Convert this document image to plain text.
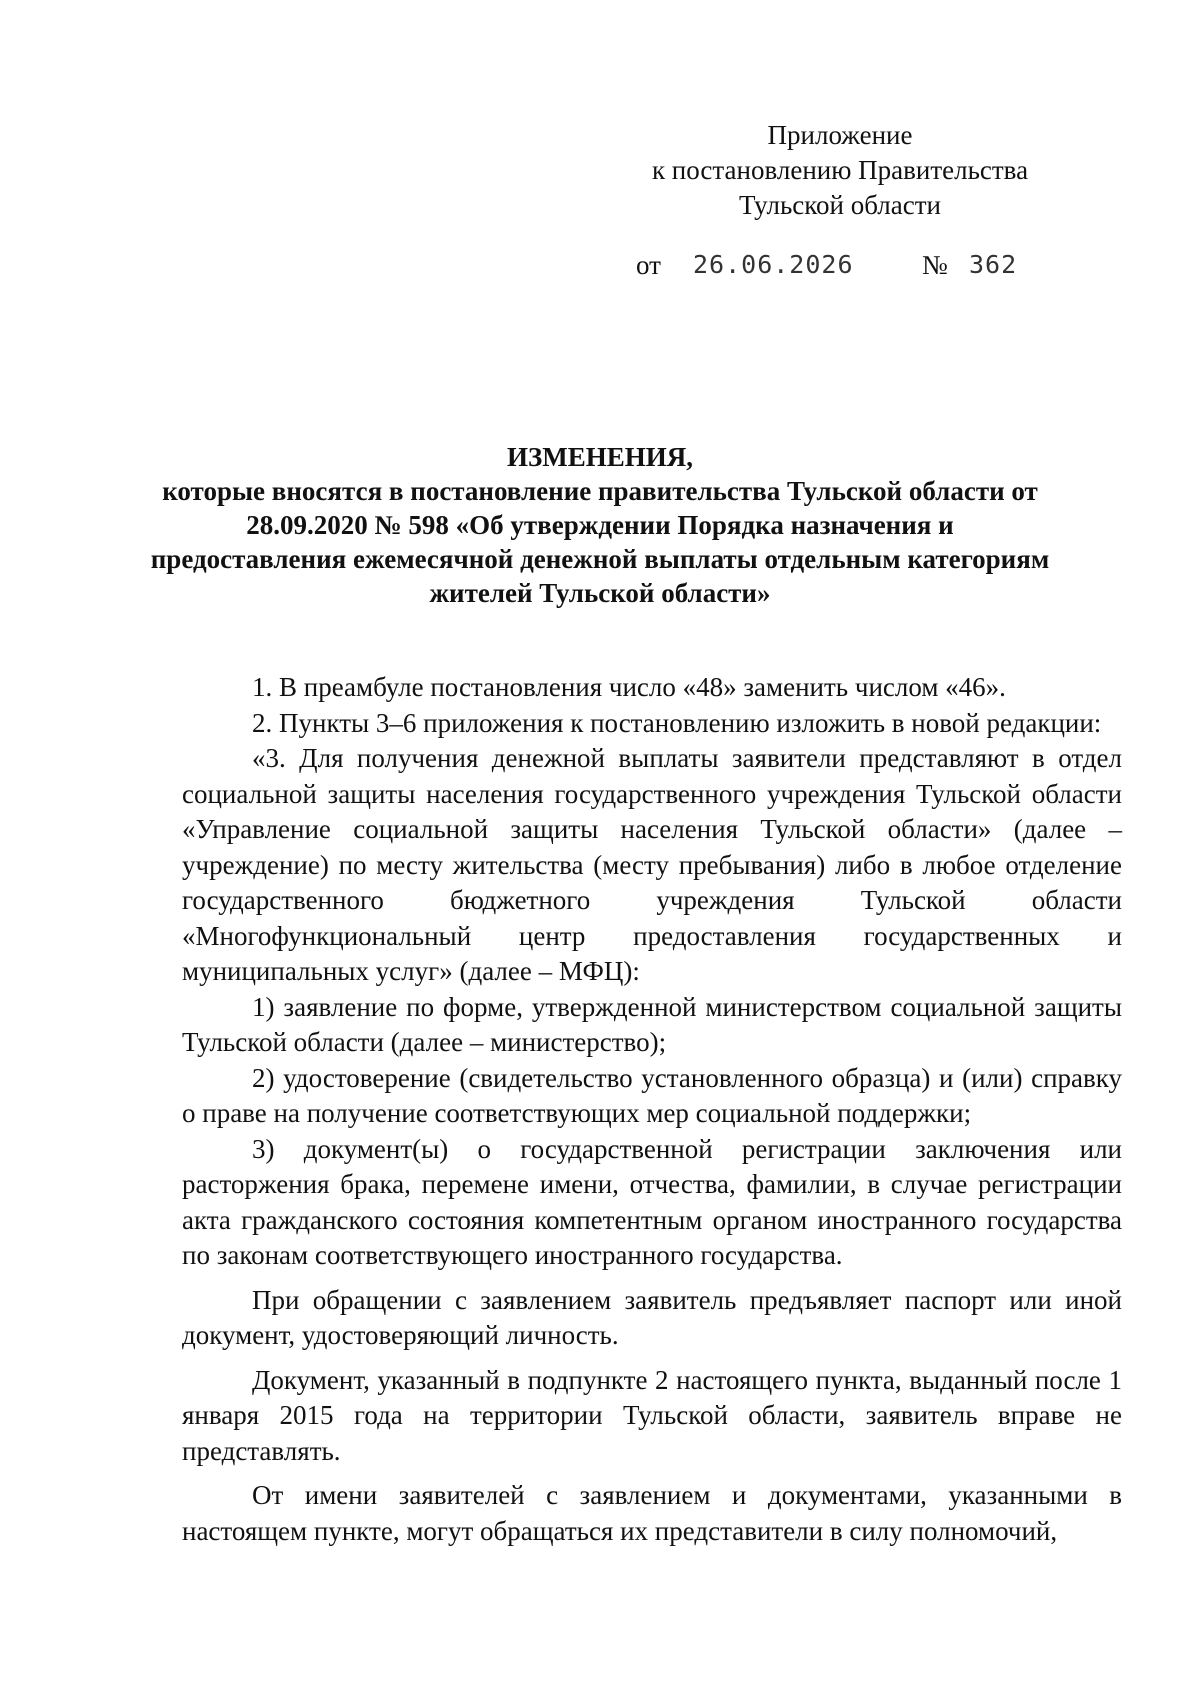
Приложение
к постановлению Правительства
Тульской области
от 26.06.2026	№ 362
ИЗМЕНЕНИЯ,
которые вносятся в постановление правительства Тульской области от 28.09.2020 № 598 «Об утверждении Порядка назначения и предоставления ежемесячной денежной выплаты отдельным категориям жителей Тульской области»

1. В преамбуле постановления число «48» заменить числом «46».

2. Пункты 3–6 приложения к постановлению изложить в новой редакции:

«3. Для получения денежной выплаты заявители представляют в отдел социальной защиты населения государственного учреждения Тульской области «Управление социальной защиты населения Тульской области» (далее – учреждение) по месту жительства (месту пребывания) либо в любое отделение государственного бюджетного учреждения Тульской области «Многофункциональный центр предоставления государственных и муниципальных услуг» (далее – МФЦ):

1) заявление по форме, утвержденной министерством социальной защиты Тульской области (далее – министерство);

2) удостоверение (свидетельство установленного образца) и (или) справку о праве на получение соответствующих мер социальной поддержки;

3) документ(ы) о государственной регистрации заключения или расторжения брака, перемене имени, отчества, фамилии, в случае регистрации акта гражданского состояния компетентным органом иностранного государства по законам соответствующего иностранного государства.

При обращении с заявлением заявитель предъявляет паспорт или иной документ, удостоверяющий личность.

Документ, указанный в подпункте 2 настоящего пункта, выданный после 1 января 2015 года на территории Тульской области, заявитель вправе не представлять.

От имени заявителей с заявлением и документами, указанными в настоящем пункте, могут обращаться их представители в силу полномочий,
